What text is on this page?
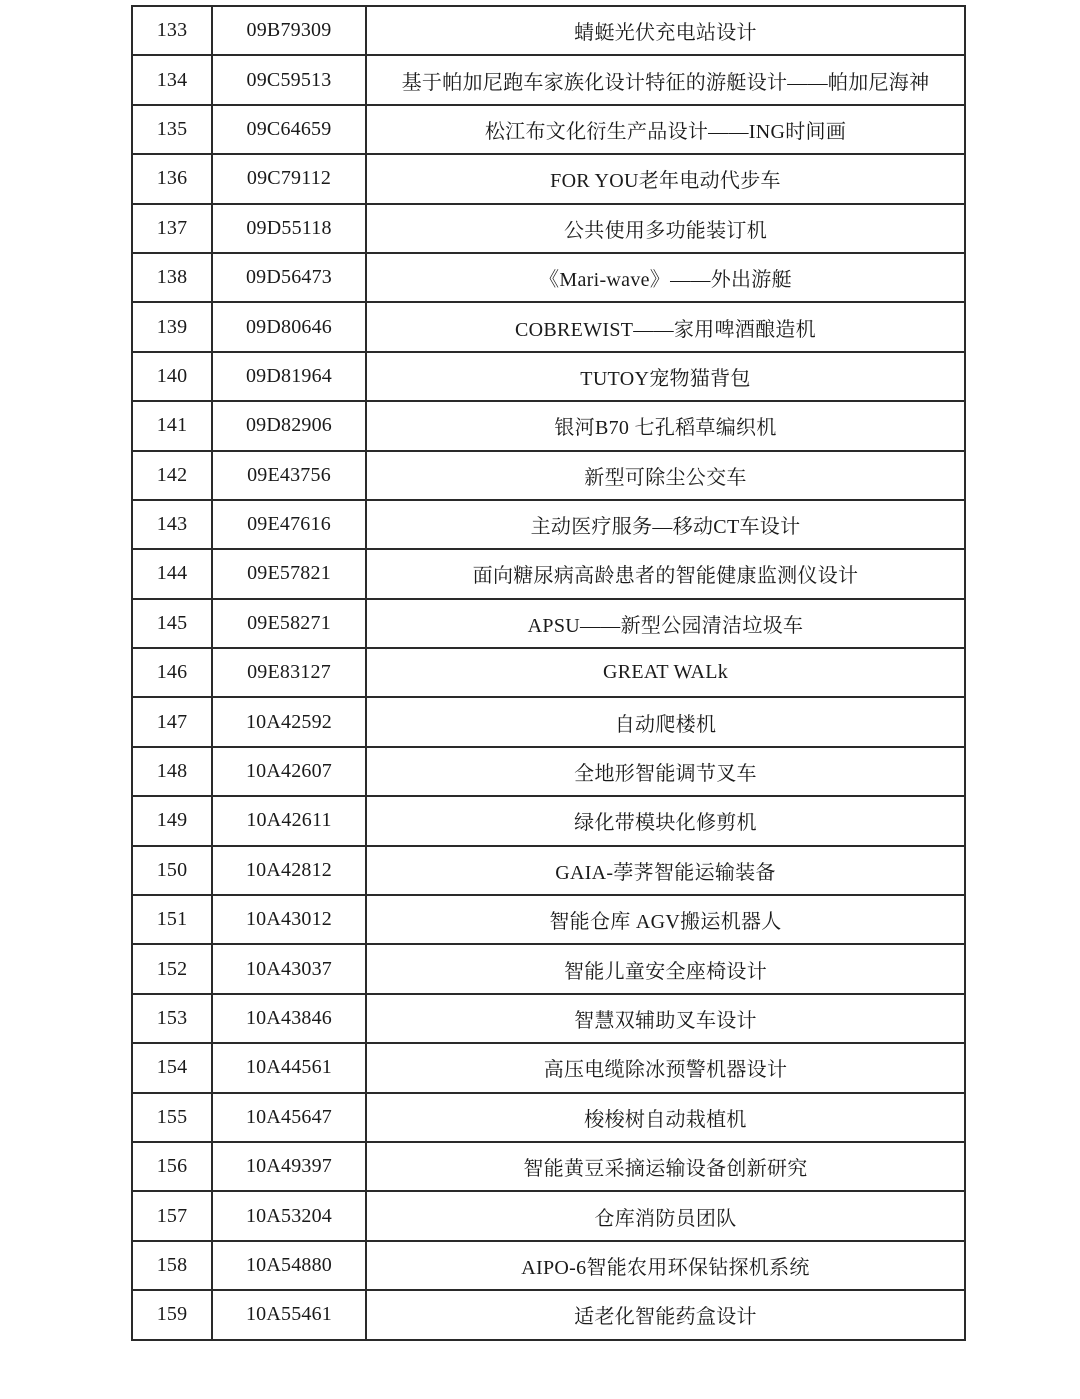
133	09B79309	蜻蜓光伏充电站设计
134	09C59513	基于帕加尼跑车家族化设计特征的游艇设计——帕加尼海神
135	09C64659	松江布文化衍生产品设计——ING时间画
136	09C79112	FOR YOU老年电动代步车
137	09D55118	公共使用多功能装订机
138	09D56473	《Mari-wave》——外出游艇
139	09D80646	COBREWIST——家用啤酒酿造机
140	09D81964	TUTOY宠物猫背包
141	09D82906	银河B70 七孔稻草编织机
142	09E43756	新型可除尘公交车
143	09E47616	主动医疗服务—移动CT车设计
144	09E57821	面向糖尿病高龄患者的智能健康监测仪设计
145	09E58271	APSU——新型公园清洁垃圾车
146	09E83127	GREAT WALk
147	10A42592	自动爬楼机
148	10A42607	全地形智能调节叉车
149	10A42611	绿化带模块化修剪机
150	10A42812	GAIA-荸荠智能运输装备
151	10A43012	智能仓库 AGV搬运机器人
152	10A43037	智能儿童安全座椅设计
153	10A43846	智慧双辅助叉车设计
154	10A44561	高压电缆除冰预警机器设计
155	10A45647	梭梭树自动栽植机
156	10A49397	智能黄豆采摘运输设备创新研究
157	10A53204	仓库消防员团队
158	10A54880	AIPO-6智能农用环保钻探机系统
159	10A55461	适老化智能药盒设计
